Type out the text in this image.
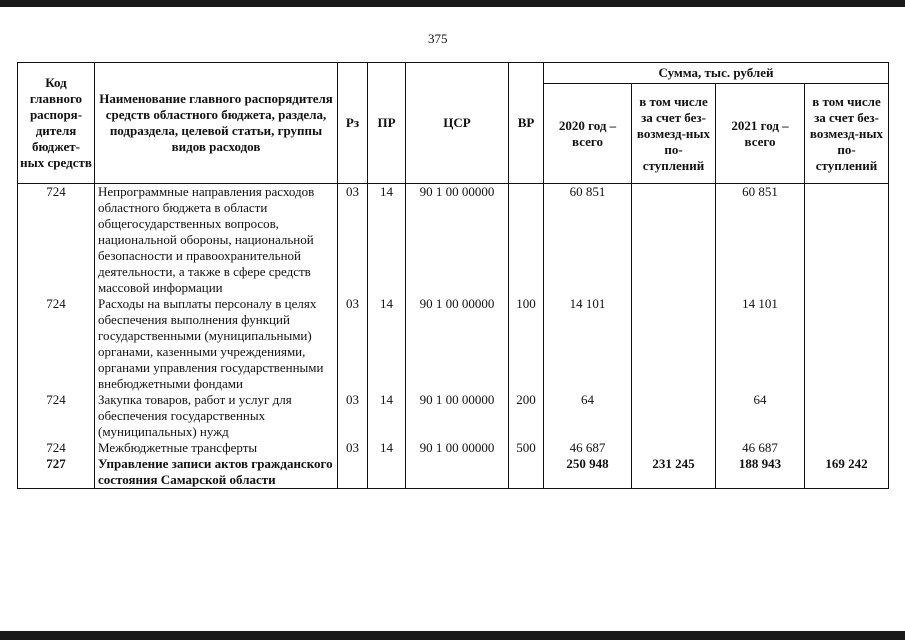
375
Код главного распоря-дителя бюджет-ных средств	Наименование главного распорядителя средств областного бюджета, раздела, подраздела, целевой статьи, группы видов расходов	Рз	ПР	ЦСР	ВР	Сумма, тыс. рублей			
						2020 год – всего	в том числе за счет без-возмезд-ных по-ступлений	2021 год – всего	в том числе за счет без-возмезд-ных по-ступлений
724	Непрограммные направления расходов областного бюджета в области общегосударственных вопросов, национальной обороны, национальной безопасности и правоохранительной деятельности, а также в сфере средств массовой информации	03	14	90 1 00 00000		60 851		60 851	
724	Расходы на выплаты персоналу в целях обеспечения выполнения функций государственными (муниципальными) органами, казенными учреждениями, органами управления государственными внебюджетными фондами	03	14	90 1 00 00000	100	14 101		14 101	
724	Закупка товаров, работ и услуг для обеспечения государственных (муниципальных) нужд	03	14	90 1 00 00000	200	64		64	
724	Межбюджетные трансферты	03	14	90 1 00 00000	500	46 687		46 687	
727	Управление записи актов гражданского состояния Самарской области					250 948	231 245	188 943	169 242
